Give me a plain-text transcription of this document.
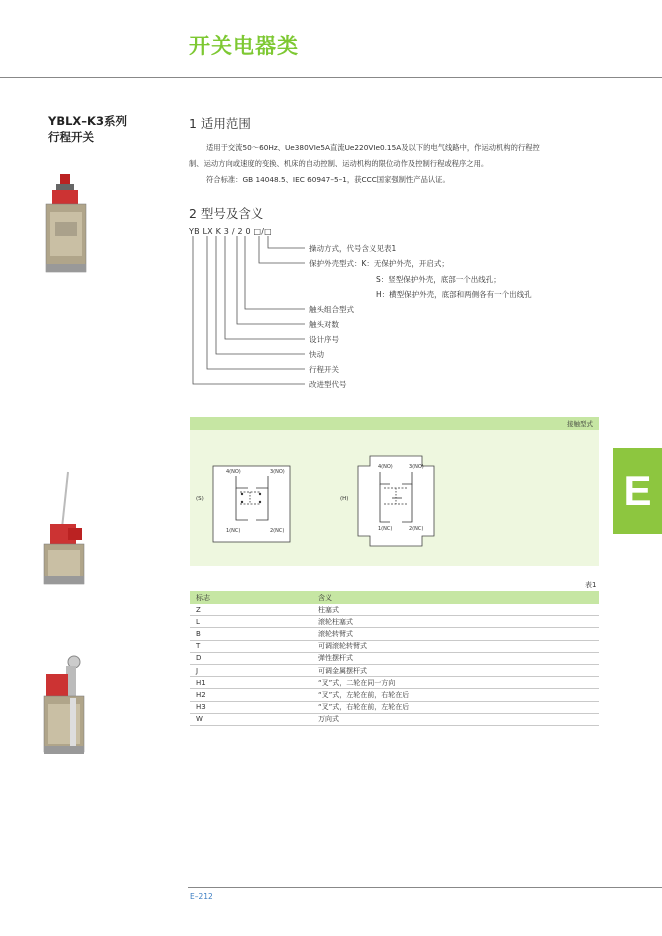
开关电器类
YBLX–K3系列
行程开关
1 适用范围
适用于交流50～60Hz、Ue380VIe5A直流Ue220VIe0.15A及以下的电气线路中，作运动机构的行程控
制、运动方向或速度的变换、机床的自动控制、运动机构的限位动作及控制行程或程序之用。
符合标准：GB 14048.5、IEC 60947–5–1，获CCC国家强制性产品认证。
2 型号及含义
YB LX K 3 / 2 0 □/□
操动方式，代号含义见表1
保护外壳型式：K：无保护外壳，开启式；
S：竖型保护外壳，底部一个出线孔；
H：横型保护外壳，底部和两侧各有一个出线孔
触头组合型式
触头对数
设计序号
快动
行程开关
改进型代号
接触型式
(S)	(H)
4(NO)	3(NO)
1(NC)	2(NC)
4(NO)	3(NO)
1(NC)	2(NC)
E
表1
标志	含义
Z	柱塞式
L	滚轮柱塞式
B	滚轮转臂式
T	可调滚轮转臂式
D	弹性摆杆式
J	可调金属摆杆式
H1	“叉”式，二轮在同一方向
H2	“叉”式，左轮在前，右轮在后
H3	“叉”式，右轮在前，左轮在后
W	万向式
E–212
